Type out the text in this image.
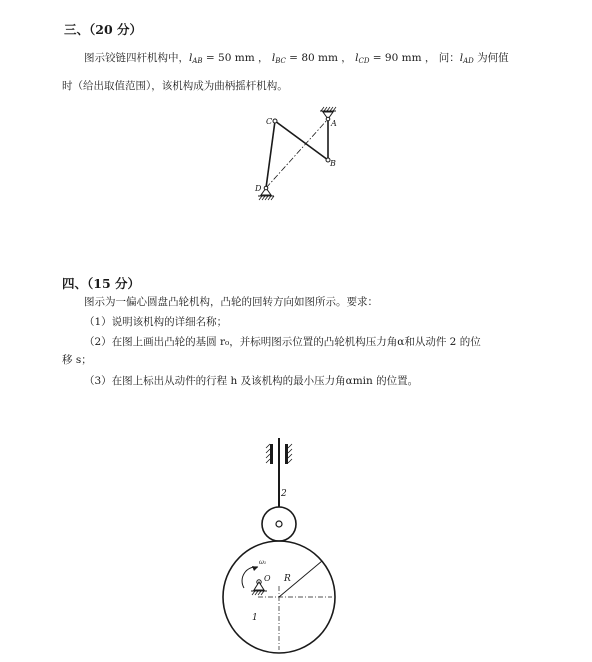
三、（20 分）
图示铰链四杆机构中，$l_{AB} = 50$ mm ， $l_{BC} = 80$ mm ， $l_{CD} = 90$ mm ， 问：$l_{AD}$ 为何值
时（给出取值范围），该机构成为曲柄摇杆机构。
C	A
B
D
四、（15 分）
图示为一偏心圆盘凸轮机构，凸轮的回转方向如图所示。要求：
（1）说明该机构的详细名称；
（2）在图上画出凸轮的基圆 r₀，并标明图示位置的凸轮机构压力角α和从动件 2 的位
移 s；
（3）在图上标出从动件的行程 h 及该机构的最小压力角αmin 的位置。
2
ω₁
O R
1
